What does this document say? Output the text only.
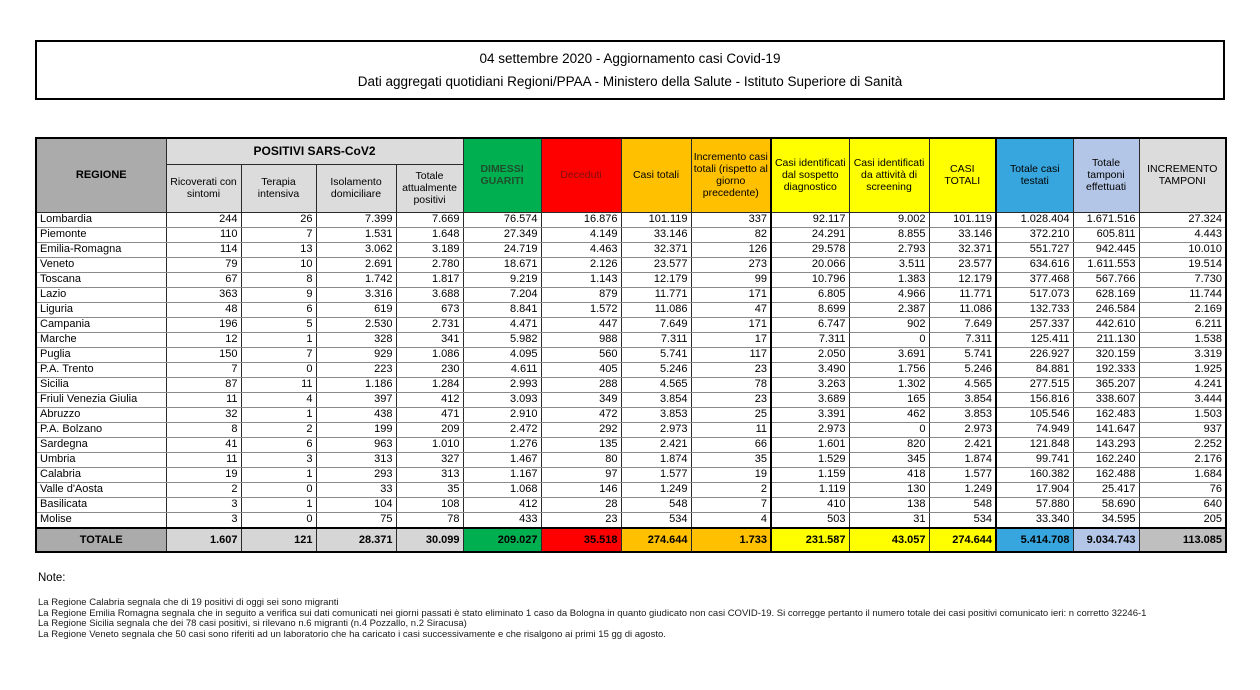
04 settembre 2020 - Aggiornamento casi Covid-19
Dati aggregati quotidiani Regioni/PPAA - Ministero della Salute - Istituto Superiore di Sanità
REGIONE	POSITIVI SARS-CoV2				DIMESSI GUARITI	Deceduti	Casi totali	Incremento casi totali (rispetto al giorno precedente)	Casi identificati dal sospetto diagnostico	Casi identificati da attività di screening	CASI TOTALI	Totale casi testati	Totale tamponi effettuati	INCREMENTO TAMPONI
	Ricoverati con sintomi	Terapia intensiva	Isolamento domiciliare	Totale attualmente positivi										
Lombardia	244	26	7.399	7.669	76.574	16.876	101.119	337	92.117	9.002	101.119	1.028.404	1.671.516	27.324
Piemonte	110	7	1.531	1.648	27.349	4.149	33.146	82	24.291	8.855	33.146	372.210	605.811	4.443
Emilia-Romagna	114	13	3.062	3.189	24.719	4.463	32.371	126	29.578	2.793	32.371	551.727	942.445	10.010
Veneto	79	10	2.691	2.780	18.671	2.126	23.577	273	20.066	3.511	23.577	634.616	1.611.553	19.514
Toscana	67	8	1.742	1.817	9.219	1.143	12.179	99	10.796	1.383	12.179	377.468	567.766	7.730
Lazio	363	9	3.316	3.688	7.204	879	11.771	171	6.805	4.966	11.771	517.073	628.169	11.744
Liguria	48	6	619	673	8.841	1.572	11.086	47	8.699	2.387	11.086	132.733	246.584	2.169
Campania	196	5	2.530	2.731	4.471	447	7.649	171	6.747	902	7.649	257.337	442.610	6.211
Marche	12	1	328	341	5.982	988	7.311	17	7.311	0	7.311	125.411	211.130	1.538
Puglia	150	7	929	1.086	4.095	560	5.741	117	2.050	3.691	5.741	226.927	320.159	3.319
P.A. Trento	7	0	223	230	4.611	405	5.246	23	3.490	1.756	5.246	84.881	192.333	1.925
Sicilia	87	11	1.186	1.284	2.993	288	4.565	78	3.263	1.302	4.565	277.515	365.207	4.241
Friuli Venezia Giulia	11	4	397	412	3.093	349	3.854	23	3.689	165	3.854	156.816	338.607	3.444
Abruzzo	32	1	438	471	2.910	472	3.853	25	3.391	462	3.853	105.546	162.483	1.503
P.A. Bolzano	8	2	199	209	2.472	292	2.973	11	2.973	0	2.973	74.949	141.647	937
Sardegna	41	6	963	1.010	1.276	135	2.421	66	1.601	820	2.421	121.848	143.293	2.252
Umbria	11	3	313	327	1.467	80	1.874	35	1.529	345	1.874	99.741	162.240	2.176
Calabria	19	1	293	313	1.167	97	1.577	19	1.159	418	1.577	160.382	162.488	1.684
Valle d'Aosta	2	0	33	35	1.068	146	1.249	2	1.119	130	1.249	17.904	25.417	76
Basilicata	3	1	104	108	412	28	548	7	410	138	548	57.880	58.690	640
Molise	3	0	75	78	433	23	534	4	503	31	534	33.340	34.595	205
TOTALE	1.607	121	28.371	30.099	209.027	35.518	274.644	1.733	231.587	43.057	274.644	5.414.708	9.034.743	113.085
Note:
La Regione Calabria segnala che di 19 positivi di oggi sei sono migranti
La Regione Emilia Romagna segnala che in seguito a verifica sui dati comunicati nei giorni passati è stato eliminato 1 caso da Bologna in quanto giudicato non casi COVID-19. Si corregge pertanto il numero totale dei casi positivi comunicato ieri: n corretto 32246-1
La Regione Sicilia segnala che dei 78 casi positivi, si rilevano n.6 migranti (n.4 Pozzallo, n.2 Siracusa)
La Regione Veneto segnala che 50 casi sono riferiti ad un laboratorio che ha caricato i casi successivamente e che risalgono ai primi 15 gg di agosto.
